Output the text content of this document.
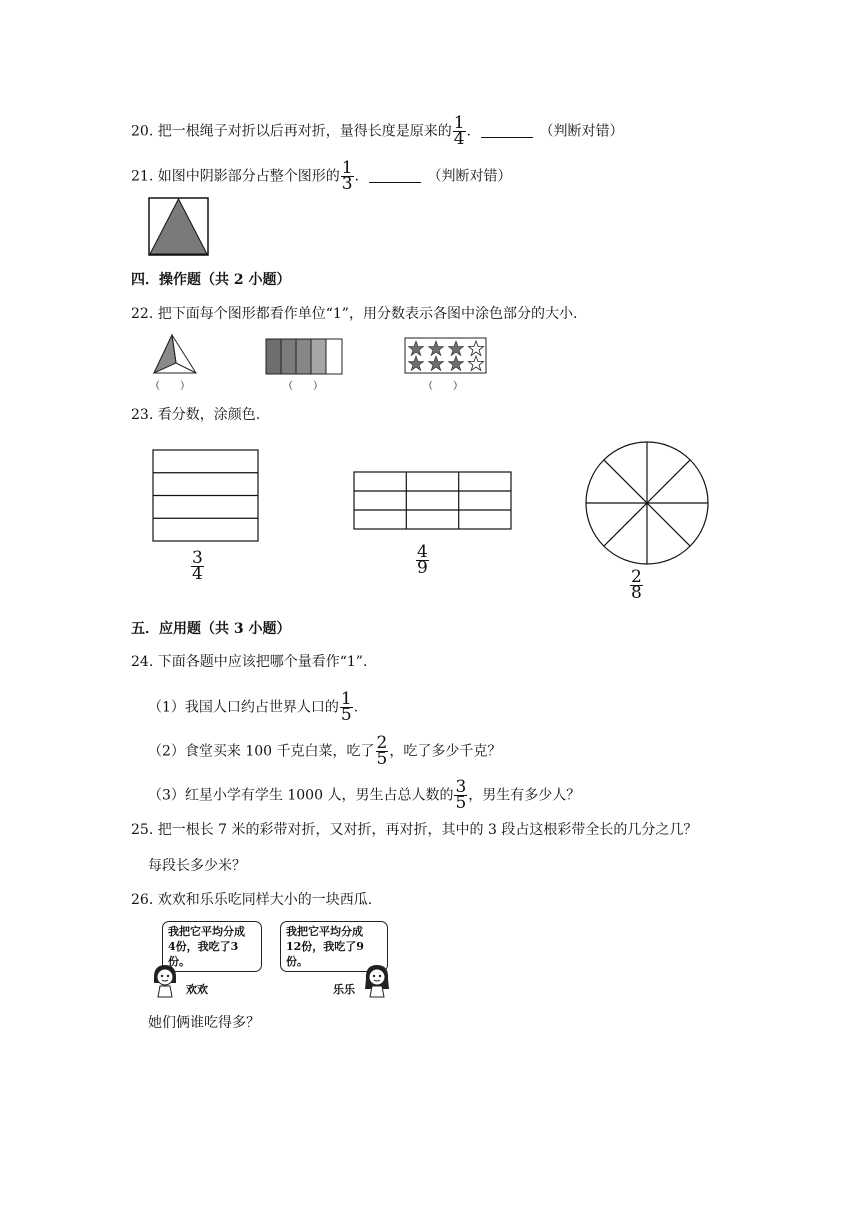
20. 把一根绳子对折以后再对折，量得长度是原来的 $\frac{1}{4}$ .	（判断对错）
21. 如图中阴影部分占整个图形的 $\frac{1}{3}$ .	（判断对错）
四．操作题（共 2 小题）
22. 把下面每个图形都看作单位“1”，用分数表示各图中涂色部分的大小.
（　　）	（　　）	（　　）
23. 看分数，涂颜色.
$\frac{3}{4}$	$\frac{4}{9}$
$\frac{2}{8}$
五．应用题（共 3 小题）
24. 下面各题中应该把哪个量看作“1”.
（1）我国人口约占世界人口的 $\frac{1}{5}$ .
（2）食堂买来 100 千克白菜，吃了 $\frac{2}{5}$ ，吃了多少千克？
（3）红星小学有学生 1000 人，男生占总人数的 $\frac{3}{5}$ ，男生有多少人？
25. 把一根长 7 米的彩带对折，又对折，再对折，其中的 3 段占这根彩带全长的几分之几？
每段长多少米？
26. 欢欢和乐乐吃同样大小的一块西瓜.
我把它平均分成
4份，我吃了3份。
我把它平均分成
12份，我吃了9份。
欢欢	乐乐
她们俩谁吃得多？
